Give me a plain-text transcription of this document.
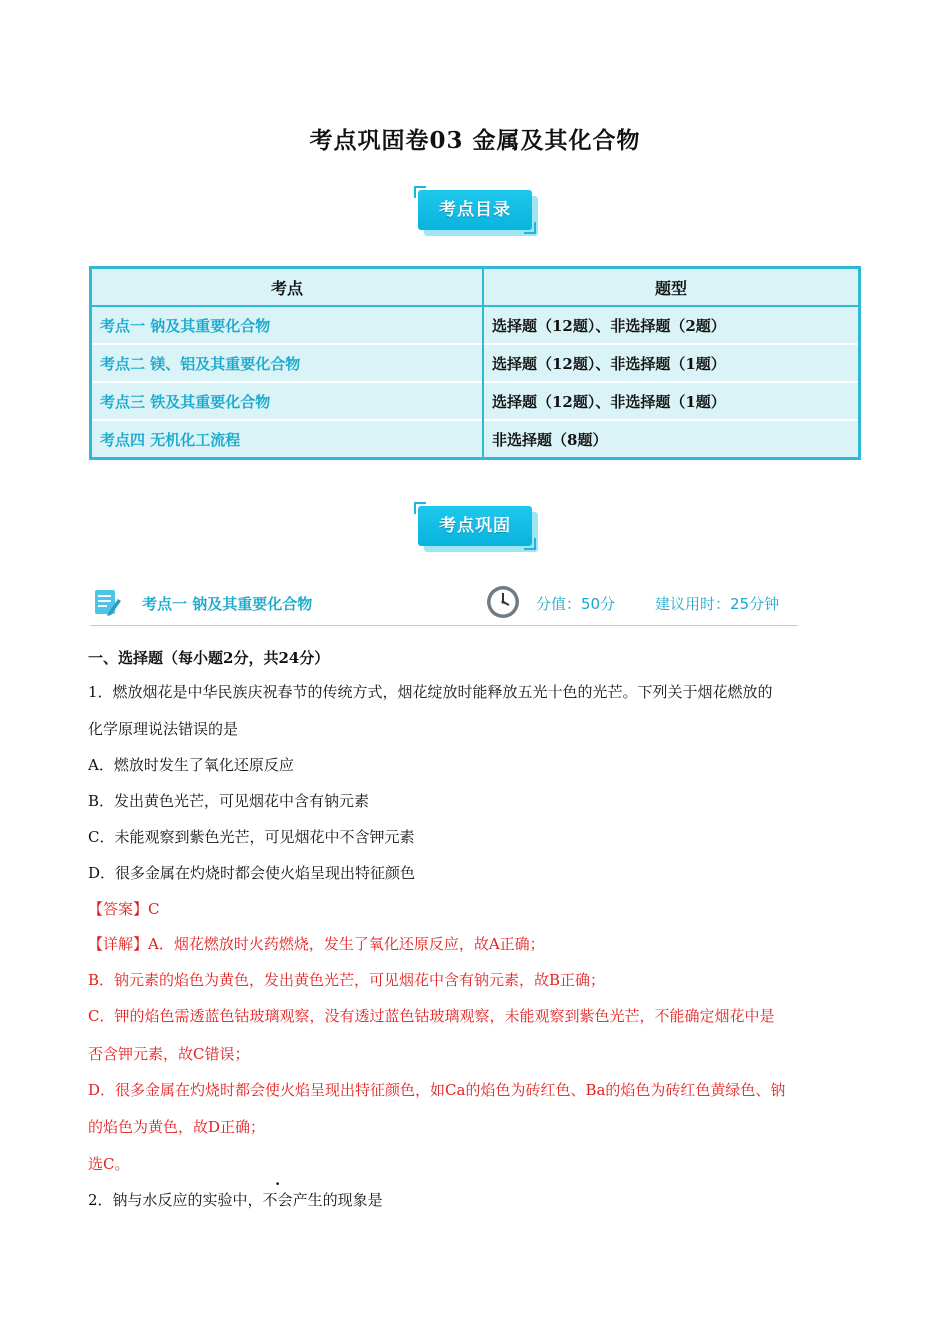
考点巩固卷03 金属及其化合物
考点目录
考点	题型
考点一 钠及其重要化合物	选择题（12题）、非选择题（2题）
考点二 镁、铝及其重要化合物	选择题（12题）、非选择题（1题）
考点三 铁及其重要化合物	选择题（12题）、非选择题（1题）
考点四 无机化工流程	非选择题（8题）
考点巩固
考点一 钠及其重要化合物	分值：50分	建议用时：25分钟
一、选择题（每小题2分，共24分）
1．燃放烟花是中华民族庆祝春节的传统方式，烟花绽放时能释放五光十色的光芒。下列关于烟花燃放的
化学原理说法错误的是
A．燃放时发生了氧化还原反应
B．发出黄色光芒，可见烟花中含有钠元素
C．未能观察到紫色光芒，可见烟花中不含钾元素
D．很多金属在灼烧时都会使火焰呈现出特征颜色
【答案】C
【详解】A．烟花燃放时火药燃烧，发生了氧化还原反应，故A正确；
B．钠元素的焰色为黄色，发出黄色光芒，可见烟花中含有钠元素，故B正确；
C．钾的焰色需透蓝色钴玻璃观察，没有透过蓝色钴玻璃观察，未能观察到紫色光芒，不能确定烟花中是
否含钾元素，故C错误；
D．很多金属在灼烧时都会使火焰呈现出特征颜色，如Ca的焰色为砖红色、Ba的焰色为砖红色黄绿色、钠
的焰色为黄色，故D正确；
选C。
2．钠与水反应的实验中，不会产生的现象是
